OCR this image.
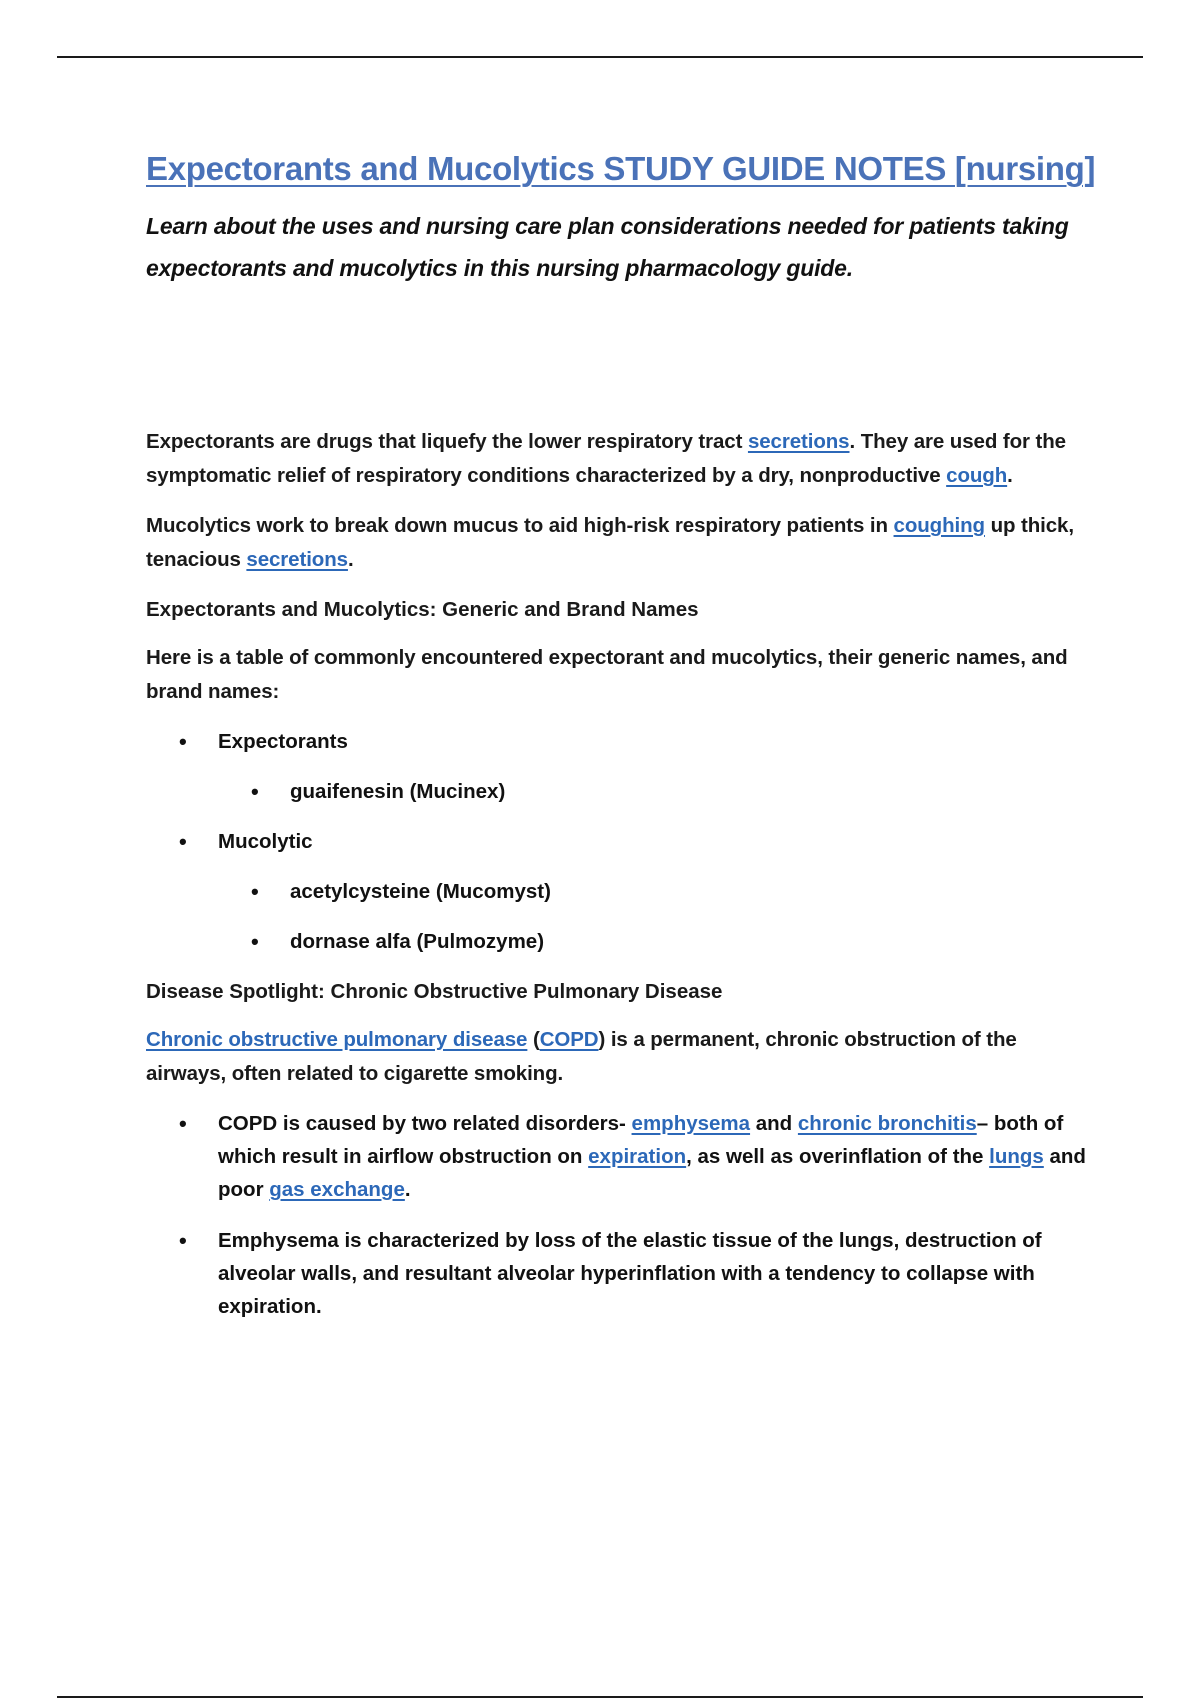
Expectorants and Mucolytics STUDY GUIDE NOTES [nursing]

Learn about the uses and nursing care plan considerations needed for patients taking expectorants and mucolytics in this nursing pharmacology guide.

Expectorants are drugs that liquefy the lower respiratory tract secretions. They are used for the symptomatic relief of respiratory conditions characterized by a dry, nonproductive cough.

Mucolytics work to break down mucus to aid high-risk respiratory patients in coughing up thick, tenacious secretions.

Expectorants and Mucolytics: Generic and Brand Names

Here is a table of commonly encountered expectorant and mucolytics, their generic names, and brand names:

• Expectorants
• guaifenesin (Mucinex)
• Mucolytic
• acetylcysteine (Mucomyst)
• dornase alfa (Pulmozyme)

Disease Spotlight: Chronic Obstructive Pulmonary Disease

Chronic obstructive pulmonary disease (COPD) is a permanent, chronic obstruction of the airways, often related to cigarette smoking.

• COPD is caused by two related disorders- emphysema and chronic bronchitis– both of which result in airflow obstruction on expiration, as well as overinflation of the lungs and poor gas exchange.
• Emphysema is characterized by loss of the elastic tissue of the lungs, destruction of alveolar walls, and resultant alveolar hyperinflation with a tendency to collapse with expiration.
